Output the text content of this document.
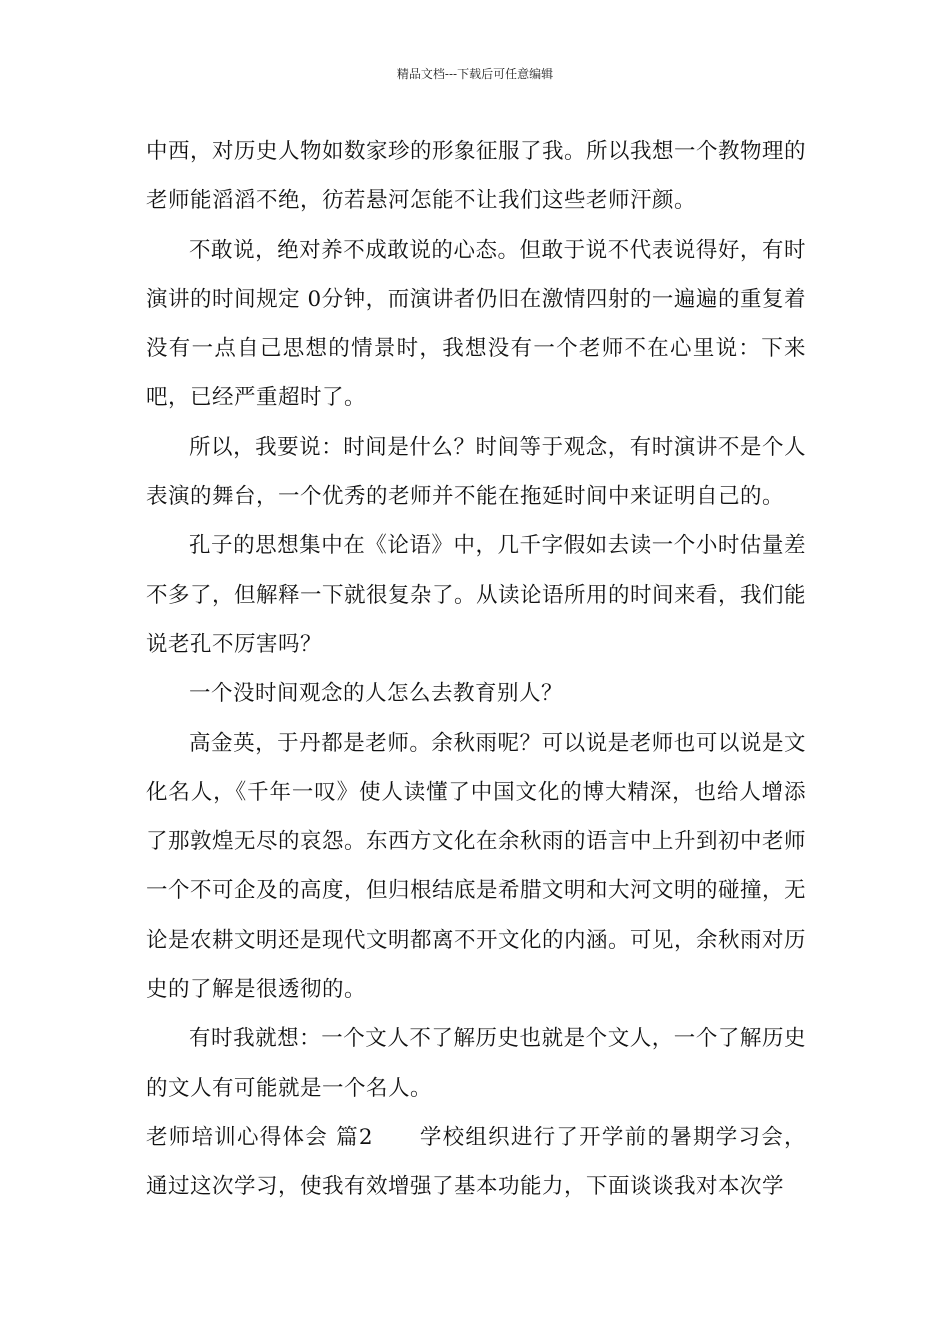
精品文档---下载后可任意编辑

中西，对历史人物如数家珍的形象征服了我。所以我想一个教物理的老师能滔滔不绝，彷若悬河怎能不让我们这些老师汗颜。

不敢说，绝对养不成敢说的心态。但敢于说不代表说得好，有时演讲的时间规定 0分钟，而演讲者仍旧在激情四射的一遍遍的重复着没有一点自己思想的情景时，我想没有一个老师不在心里说：下来吧，已经严重超时了。

所以，我要说：时间是什么？时间等于观念，有时演讲不是个人表演的舞台，一个优秀的老师并不能在拖延时间中来证明自己的。

孔子的思想集中在《论语》中，几千字假如去读一个小时估量差不多了，但解释一下就很复杂了。从读论语所用的时间来看，我们能说老孔不厉害吗？

一个没时间观念的人怎么去教育别人？

高金英，于丹都是老师。余秋雨呢？可以说是老师也可以说是文化名人，《千年一叹》使人读懂了中国文化的博大精深，也给人增添了那敦煌无尽的哀怨。东西方文化在余秋雨的语言中上升到初中老师一个不可企及的高度，但归根结底是希腊文明和大河文明的碰撞，无论是农耕文明还是现代文明都离不开文化的内涵。可见，余秋雨对历史的了解是很透彻的。

有时我就想：一个文人不了解历史也就是个文人，一个了解历史的文人有可能就是一个名人。

老师培训心得体会 篇2 学校组织进行了开学前的暑期学习会，通过这次学习，使我有效增强了基本功能力，下面谈谈我对本次学
